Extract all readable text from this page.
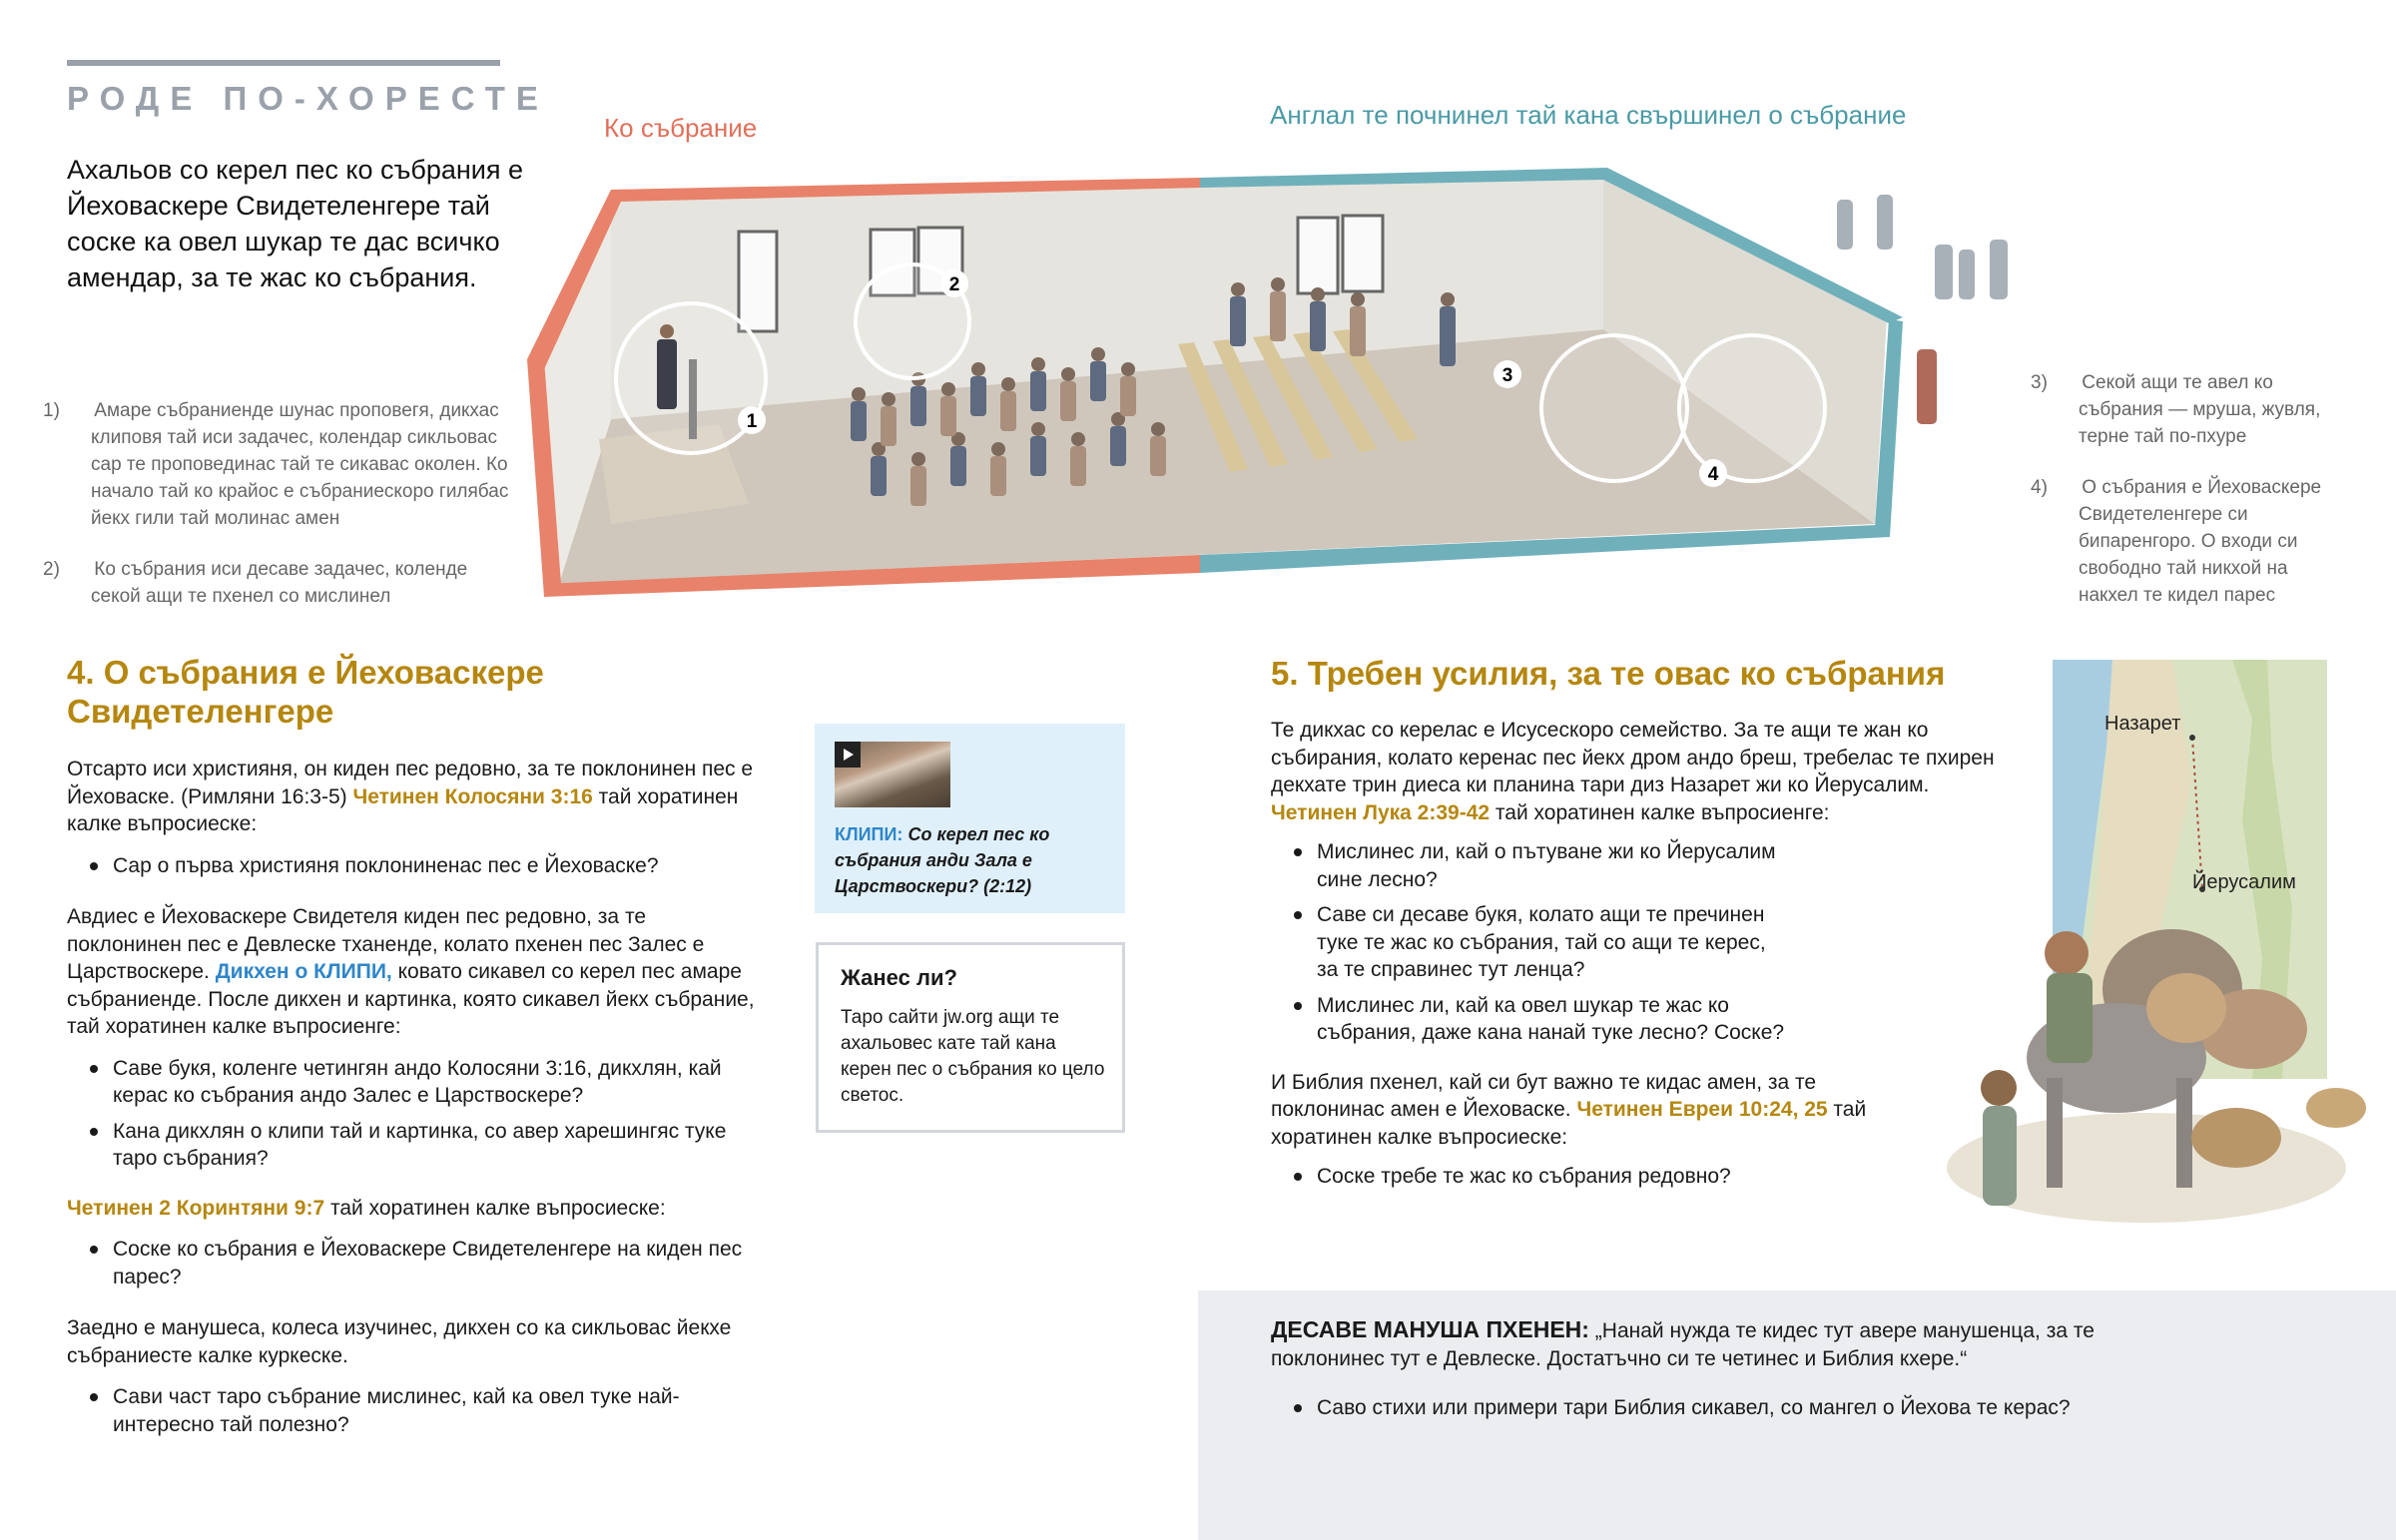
РОДЕ ПО-ХОРЕСТЕ
Ахальов со керел пес ко събрания е Йеховаскере Свидетеленгере тай соске ка овел шукар те дас всичко амендар, за те жас ко събрания.
1) Амаре събраниенде шунас проповегя, дикхас клиповя тай иси задачес, колендар сикльовас сар те проповединас тай те сикавас околен. Ко начало тай ко крайос е събраниескоро гилябас йекх гили тай молинас амен
2) Ко събрания иси десаве задачес, коленде секой ащи те пхенел со мислинел
Ко събрание	Англал те почнинел тай кана свършинел о събрание
1
2
3
4
3) Секой ащи те авел ко събрания — мруша, жувля, терне тай по-пхуре
4) О събрания е Йеховаскере Свидетеленгере си бипаренгоро. О входи си свободно тай никхой на накхел те кидел парес
4. О събрания е Йеховаскере Свидетеленгере

Отсарто иси християня, он киден пес редовно, за те поклонинен пес е Йеховаске. (Римляни 16:3-5) Четинен Колосяни 3:16 тай хоратинен калке въпросиеске:

Сар о първа християня поклониненас пес е Йеховаске?

Авдиес е Йеховаскере Свидетеля киден пес редовно, за те поклонинен пес е Девлеске тханенде, колато пхенен пес Залес е Царствоскере. Дикхен о КЛИПИ, ковато сикавел со керел пес амаре събраниенде. После дикхен и картинка, която сикавел йекх събрание, тай хоратинен калке въпросиенге:

Саве букя, коленге четингян андо Колосяни 3:16, дикхлян, кай керас ко събрания андо Залес е Царствоскере?
Кана дикхлян о клипи тай и картинка, со авер харешингяс туке таро събрания?

Четинен 2 Коринтяни 9:7 тай хоратинен калке въпросиеске:

Соске ко събрания е Йеховаскере Свидетеленгере на киден пес парес?

Заедно е манушеса, колеса изучинес, дикхен со ка сикльовас йекхе събраниесте калке куркеске.

Сави част таро събрание мислинес, кай ка овел туке най-интересно тай полезно?
КЛИПИ: Со керел пес ко събрания анди Зала е Царствоскери? (2:12)
Жанес ли?

Таро сайти jw.org ащи те ахальовес кате тай кана керен пес о събрания ко цело светос.

5. Требен усилия, за те овас ко събрания

Те дикхас со керелас е Исусескоро семейство. За те ащи те жан ко събирания, колато керенас пес йекх дром андо бреш, требелас те пхирен декхате трин диеса ки планина тари диз Назарет жи ко Йерусалим. Четинен Лука 2:39-42 тай хоратинен калке въпросиенге:

Мислинес ли, кай о пътуване жи ко Йерусалим сине лесно?
Саве си десаве букя, колато ащи те пречинен туке те жас ко събрания, тай со ащи те керес, за те справинес тут ленца?
Мислинес ли, кай ка овел шукар те жас ко събрания, даже кана нанай туке лесно? Соске?

И Библия пхенел, кай си бут важно те кидас амен, за те поклонинас амен е Йеховаске. Четинен Евреи 10:24, 25 тай хоратинен калке въпросиеске:

Соске требе те жас ко събрания редовно?
Назарет
Йерусалим
ДЕСАВЕ МАНУША ПХЕНЕН: „Нанай нужда те кидес тут авере манушенца, за те поклонинес тут е Девлеске. Достатъчно си те четинес и Библия кхере.“
Саво стихи или примери тари Библия сикавел, со мангел о Йехова те керас?
